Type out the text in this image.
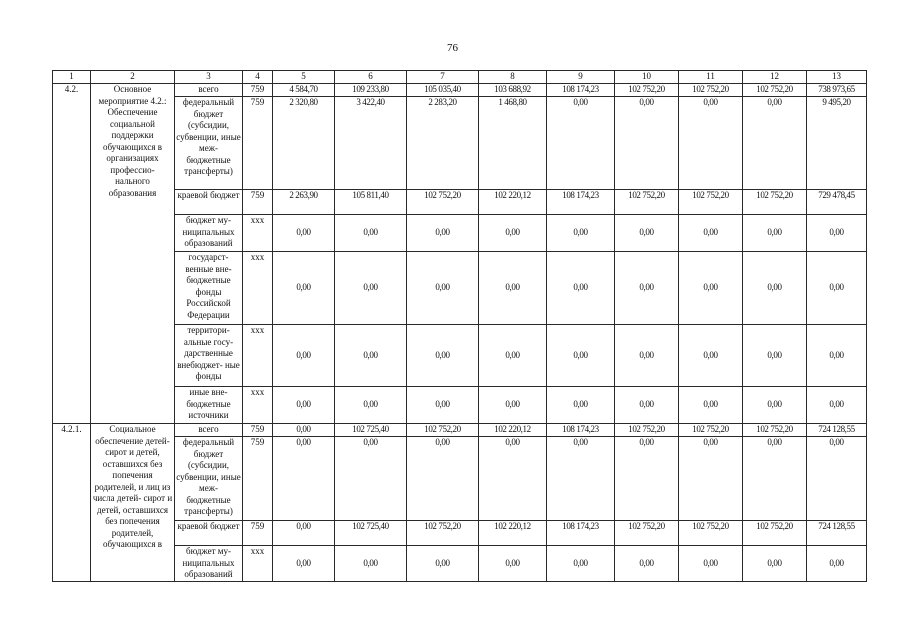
76
1	2	3	4	5	6	7	8	9	10	11	12	13
4.2.	Основное мероприятие 4.2.: Обеспечение социальной поддержки обучающихся в организациях профессио- нального образования	всего	759	4 584,70	109 233,80	105 035,40	103 688,92	108 174,23	102 752,20	102 752,20	102 752,20	738 973,65
		федеральный бюджет (субсидии, субвенции, иные меж- бюджетные трансферты)	759	2 320,80	3 422,40	2 283,20	1 468,80	0,00	0,00	0,00	0,00	9 495,20
		краевой бюджет	759	2 263,90	105 811,40	102 752,20	102 220,12	108 174,23	102 752,20	102 752,20	102 752,20	729 478,45
		бюджет му- ниципальных образований	ххх	0,00	0,00	0,00	0,00	0,00	0,00	0,00	0,00	0,00
		государст- венные вне- бюджетные фонды Российской Федерации	ххх	0,00	0,00	0,00	0,00	0,00	0,00	0,00	0,00	0,00
		территори- альные госу- дарственные внебюджет- ные фонды	ххх	0,00	0,00	0,00	0,00	0,00	0,00	0,00	0,00	0,00
		иные вне- бюджетные источники	ххх	0,00	0,00	0,00	0,00	0,00	0,00	0,00	0,00	0,00
4.2.1.	Социальное обеспечение детей-сирот и детей, оставшихся без попечения родителей, и лиц из числа детей- сирот и детей, оставшихся без попечения родителей, обучающихся в	всего	759	0,00	102 725,40	102 752,20	102 220,12	108 174,23	102 752,20	102 752,20	102 752,20	724 128,55
		федеральный бюджет (субсидии, субвенции, иные меж- бюджетные трансферты)	759	0,00	0,00	0,00	0,00	0,00	0,00	0,00	0,00	0,00
		краевой бюджет	759	0,00	102 725,40	102 752,20	102 220,12	108 174,23	102 752,20	102 752,20	102 752,20	724 128,55
		бюджет му- ниципальных образований	ххх	0,00	0,00	0,00	0,00	0,00	0,00	0,00	0,00	0,00
